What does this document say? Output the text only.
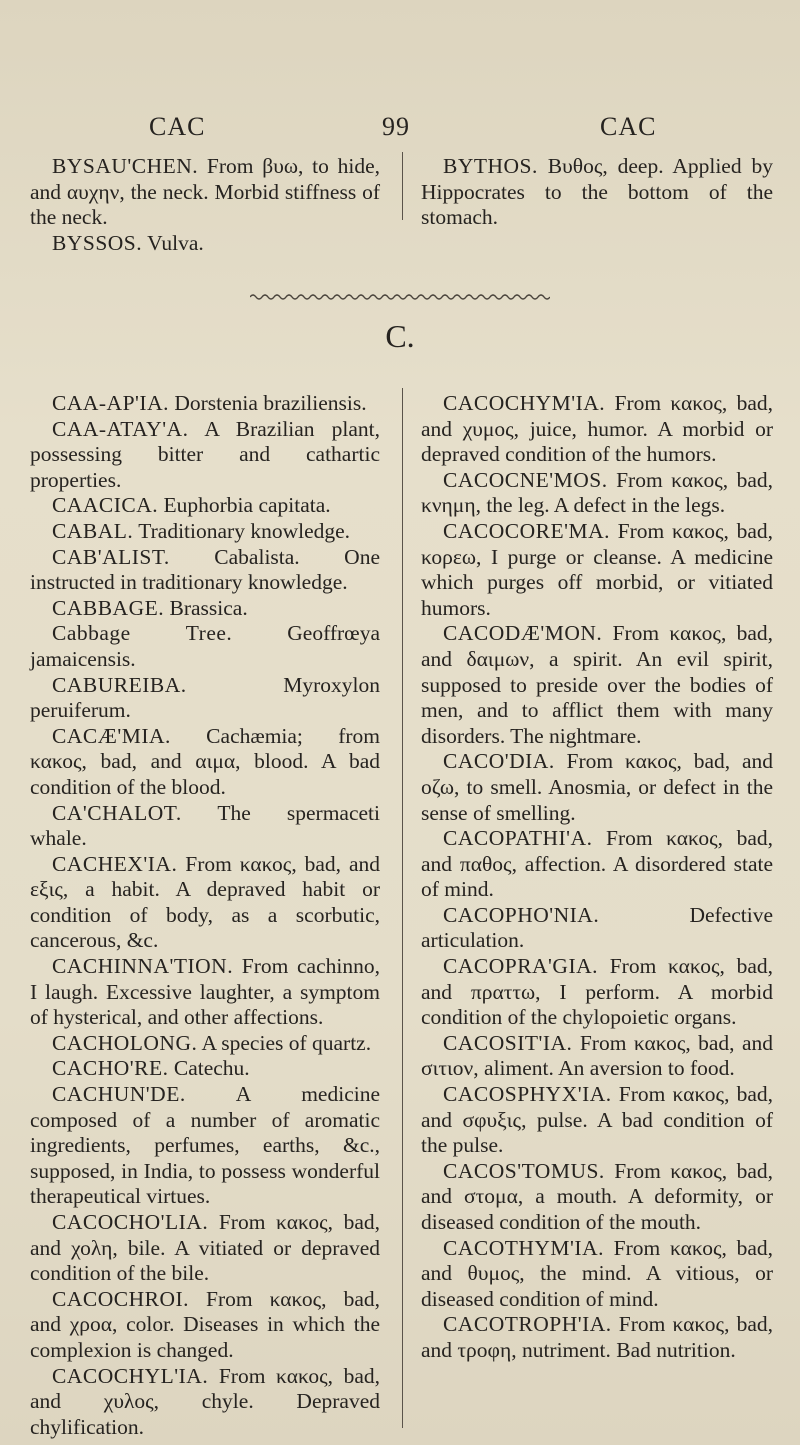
CAC	99	CAC

BYSAU'CHEN. From βυω, to hide, and αυχην, the neck. Morbid stiffness of the neck.

BYSSOS. Vulva.

BYTHOS. Βυθος, deep. Applied by Hippocrates to the bottom of the stomach.

C.

CAA-AP'IA. Dorstenia braziliensis.

CAA-ATAY'A. A Brazilian plant, possessing bitter and cathartic properties.

CAACICA. Euphorbia capitata.

CABAL. Traditionary knowledge.

CAB'ALIST. Cabalista. One instructed in traditionary knowledge.

CABBAGE. Brassica.

Cabbage Tree. Geoffrœya jamaicensis.

CABUREIBA. Myroxylon peruiferum.

CACÆ'MIA. Cachæmia; from κακος, bad, and αιμα, blood. A bad condition of the blood.

CA'CHALOT. The spermaceti whale.

CACHEX'IA. From κακος, bad, and εξις, a habit. A depraved habit or condition of body, as a scorbutic, cancerous, &c.

CACHINNA'TION. From cachinno, I laugh. Excessive laughter, a symptom of hysterical, and other affections.

CACHOLONG. A species of quartz.

CACHO'RE. Catechu.

CACHUN'DE. A medicine composed of a number of aromatic ingredients, perfumes, earths, &c., supposed, in India, to possess wonderful therapeutical virtues.

CACOCHO'LIA. From κακος, bad, and χολη, bile. A vitiated or depraved condition of the bile.

CACOCHROI. From κακος, bad, and χροα, color. Diseases in which the complexion is changed.

CACOCHYL'IA. From κακος, bad, and χυλος, chyle. Depraved chylification.

CACOCHYM'IA. From κακος, bad, and χυμος, juice, humor. A morbid or depraved condition of the humors.

CACOCNE'MOS. From κακος, bad, κνημη, the leg. A defect in the legs.

CACOCORE'MA. From κακος, bad, κορεω, I purge or cleanse. A medicine which purges off morbid, or vitiated humors.

CACODÆ'MON. From κακος, bad, and δαιμων, a spirit. An evil spirit, supposed to preside over the bodies of men, and to afflict them with many disorders. The nightmare.

CACO'DIA. From κακος, bad, and οζω, to smell. Anosmia, or defect in the sense of smelling.

CACOPATHI'A. From κακος, bad, and παθος, affection. A disordered state of mind.

CACOPHO'NIA. Defective articulation.

CACOPRA'GIA. From κακος, bad, and πραττω, I perform. A morbid condition of the chylopoietic organs.

CACOSIT'IA. From κακος, bad, and σιτιον, aliment. An aversion to food.

CACOSPHYX'IA. From κακος, bad, and σφυξις, pulse. A bad condition of the pulse.

CACOS'TOMUS. From κακος, bad, and στομα, a mouth. A deformity, or diseased condition of the mouth.

CACOTHYM'IA. From κακος, bad, and θυμος, the mind. A vitious, or diseased condition of mind.

CACOTROPH'IA. From κακος, bad, and τροφη, nutriment. Bad nutrition.
